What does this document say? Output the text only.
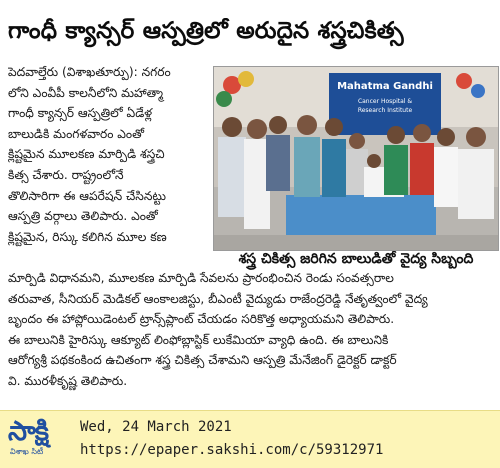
గాంధీ క్యాన్సర్ ఆస్పత్రిలో అరుదైన శస్త్రచికిత్స
పెదవాల్తేరు (విశాఖతూర్పు): నగరం
లోని ఎంవీపీ కాలనీలోని మహాత్మా
గాంధీ క్యాన్సర్ ఆస్పత్రిలో ఏడేళ్ల
బాలుడికి మంగళవారం ఎంతో
క్లిష్టమైన మూలకణ మార్పిడి శస్త్రచి
కిత్స చేశారు. రాష్ట్రంలోనే
తొలిసారిగా ఈ ఆపరేషన్ చేసినట్టు
ఆస్పత్రి వర్గాలు తెలిపారు. ఎంతో
క్లిష్టమైన, రిస్కు కలిగిన మూల కణ
Mahatma Gandhi
Cancer Hospital &
Research Institute
శస్త్ర చికిత్స జరిగిన బాలుడితో వైద్య సిబ్బంది
మార్పిడి విధానమని, మూలకణ మార్పిడి సేవలను ప్రారంభించిన రెండు సంవత్సరాల
తరువాత, సీనియర్ మెడికల్ ఆంకాలజిస్టు, బీఎంటీ వైద్యుడు రాజేంద్రరెడ్డి నేతృత్వంలో వైద్య
బృందం ఈ హాప్లోయిడెంటల్ ట్రాన్స్‌ప్లాంట్ చేయడం సరికొత్త అధ్యాయమని తెలిపారు.
ఈ బాలునికి హైరిస్కు ఆక్యూట్ లింఫోబ్లాస్టిక్ లుకేమియా వ్యాధి ఉంది. ఈ బాలునికి
ఆరోగ్యశ్రీ పథకంకింద ఉచితంగా శస్త్ర చికిత్స చేశామని ఆస్పత్రి మేనేజింగ్ డైరెక్టర్ డాక్టర్
వి. మురళీకృష్ణ తెలిపారు.
సాక్షి
విశాఖ సిటీ
Wed, 24 March 2021
https://epaper.sakshi.com/c/59312971
